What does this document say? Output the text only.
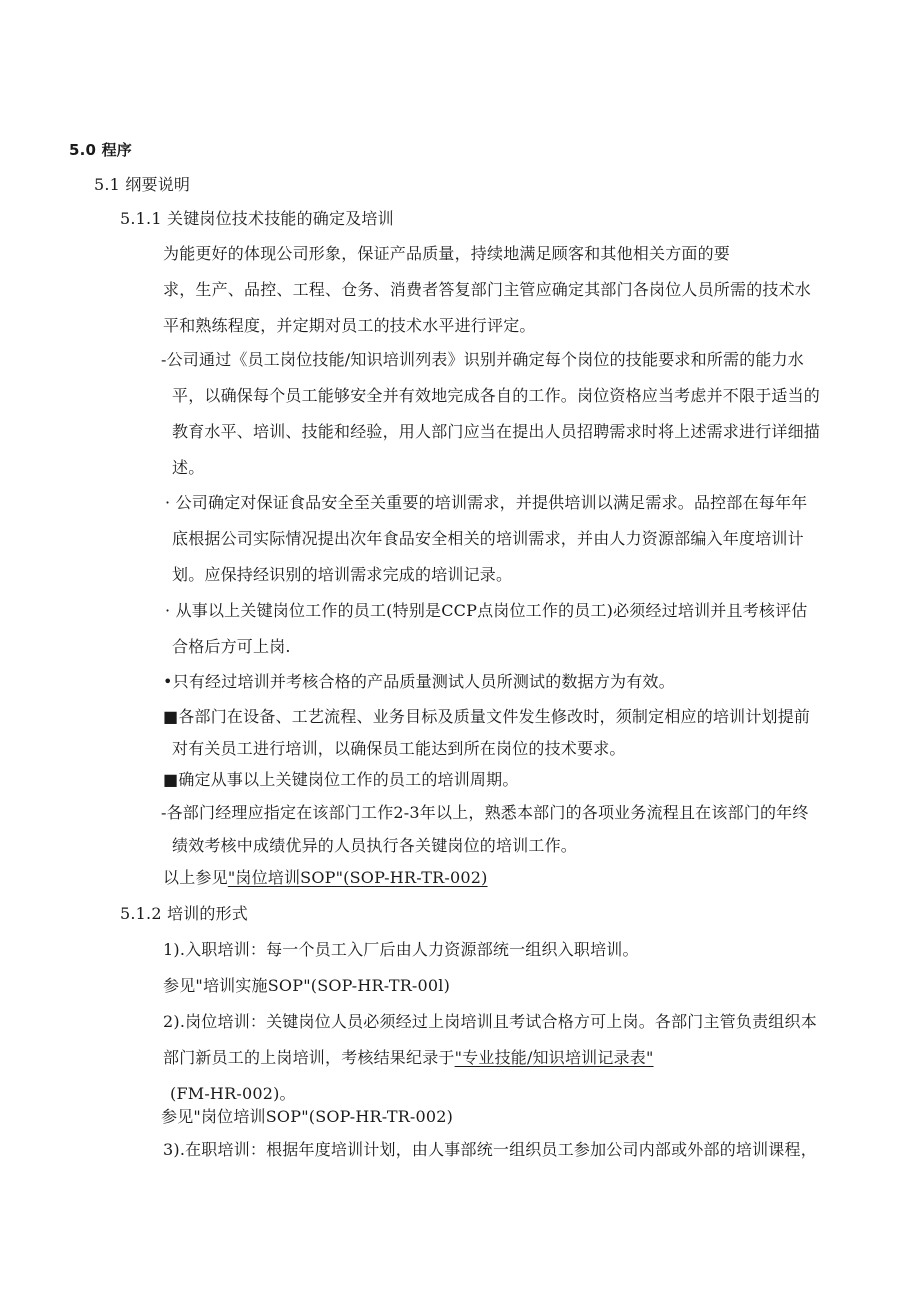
5.0 程序
5.1 纲要说明
5.1.1 关键岗位技术技能的确定及培训
为能更好的体现公司形象，保证产品质量，持续地满足顾客和其他相关方面的要
求，生产、品控、工程、仓务、消费者答复部门主管应确定其部门各岗位人员所需的技术水
平和熟练程度，并定期对员工的技术水平进行评定。
-公司通过《员工岗位技能/知识培训列表》识别并确定每个岗位的技能要求和所需的能力水
平，以确保每个员工能够安全并有效地完成各自的工作。岗位资格应当考虑并不限于适当的
教育水平、培训、技能和经验，用人部门应当在提出人员招聘需求时将上述需求进行详细描
述。
· 公司确定对保证食品安全至关重要的培训需求，并提供培训以满足需求。品控部在每年年
底根据公司实际情况提出次年食品安全相关的培训需求，并由人力资源部编入年度培训计
划。应保持经识别的培训需求完成的培训记录。
· 从事以上关键岗位工作的员工(特别是CCP点岗位工作的员工)必须经过培训并且考核评估
合格后方可上岗.
•只有经过培训并考核合格的产品质量测试人员所测试的数据方为有效。
■各部门在设备、工艺流程、业务目标及质量文件发生修改时，须制定相应的培训计划提前
对有关员工进行培训，以确保员工能达到所在岗位的技术要求。
■确定从事以上关键岗位工作的员工的培训周期。
-各部门经理应指定在该部门工作2-3年以上，熟悉本部门的各项业务流程且在该部门的年终
绩效考核中成绩优异的人员执行各关键岗位的培训工作。
以上参见"岗位培训SOP"(SOP-HR-TR-002)
5.1.2 培训的形式
1).入职培训：每一个员工入厂后由人力资源部统一组织入职培训。
参见"培训实施SOP"(SOP-HR-TR-00l)
2).岗位培训：关键岗位人员必须经过上岗培训且考试合格方可上岗。各部门主管负责组织本
部门新员工的上岗培训，考核结果纪录于"专业技能/知识培训记录表"
(FM-HR-002)。
参见"岗位培训SOP"(SOP-HR-TR-002)
3).在职培训：根据年度培训计划，由人事部统一组织员工参加公司内部或外部的培训课程，
